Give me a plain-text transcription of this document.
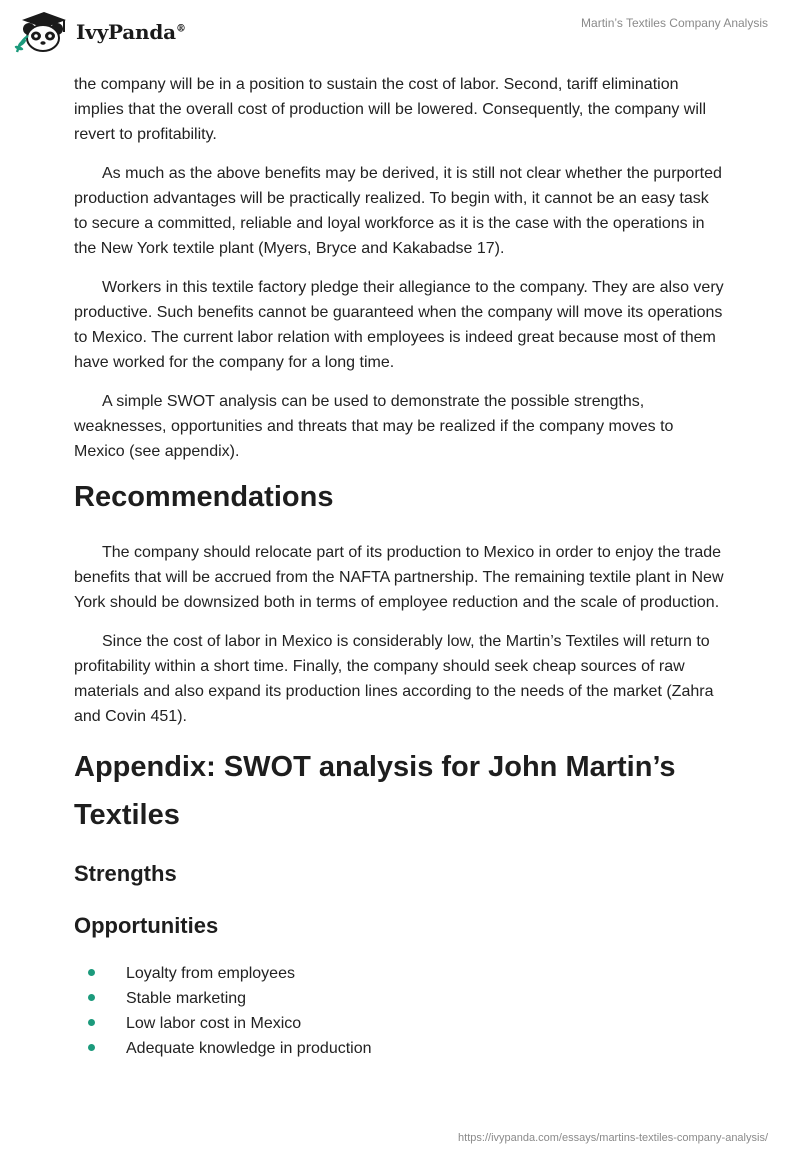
IvyPanda®	Martin’s Textiles Company Analysis

the company will be in a position to sustain the cost of labor. Second, tariff elimination implies that the overall cost of production will be lowered. Consequently, the company will revert to profitability.

As much as the above benefits may be derived, it is still not clear whether the purported production advantages will be practically realized. To begin with, it cannot be an easy task to secure a committed, reliable and loyal workforce as it is the case with the operations in the New York textile plant (Myers, Bryce and Kakabadse 17).

Workers in this textile factory pledge their allegiance to the company. They are also very productive. Such benefits cannot be guaranteed when the company will move its operations to Mexico. The current labor relation with employees is indeed great because most of them have worked for the company for a long time.

A simple SWOT analysis can be used to demonstrate the possible strengths, weaknesses, opportunities and threats that may be realized if the company moves to Mexico (see appendix).

Recommendations

The company should relocate part of its production to Mexico in order to enjoy the trade benefits that will be accrued from the NAFTA partnership. The remaining textile plant in New York should be downsized both in terms of employee reduction and the scale of production.

Since the cost of labor in Mexico is considerably low, the Martin’s Textiles will return to profitability within a short time. Finally, the company should seek cheap sources of raw materials and also expand its production lines according to the needs of the market (Zahra and Covin 451).

Appendix: SWOT analysis for John Martin’s Textiles
Strengths
Opportunities
Loyalty from employees
Stable marketing
Low labor cost in Mexico
Adequate knowledge in production
https://ivypanda.com/essays/martins-textiles-company-analysis/
